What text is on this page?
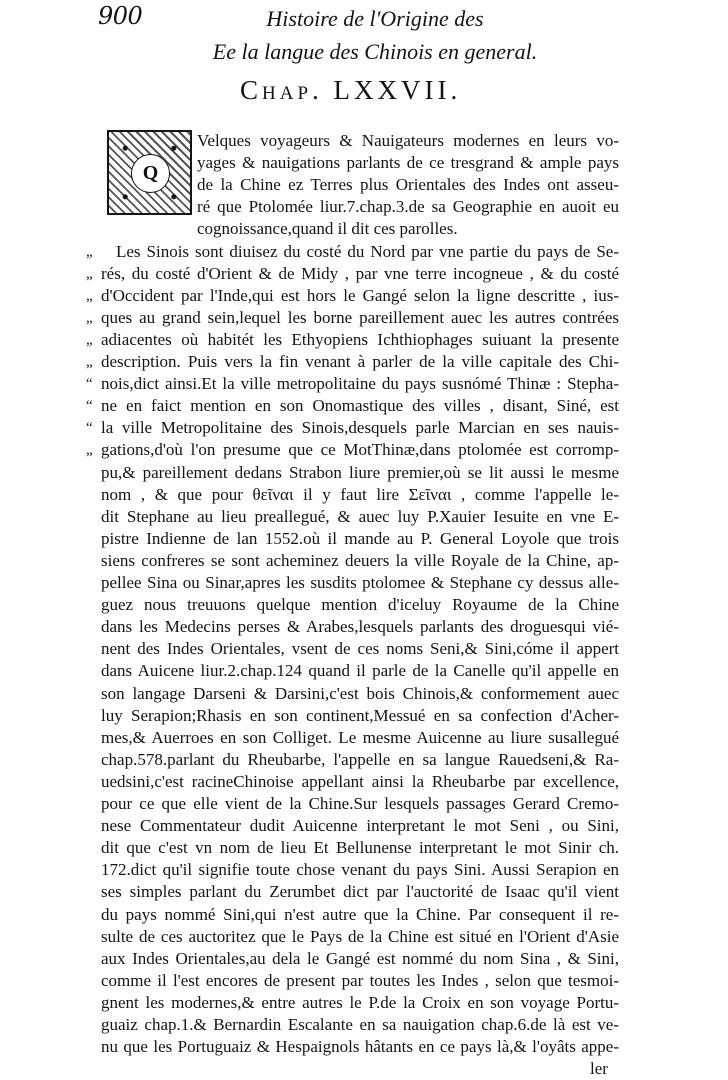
900	Histoire de l'Origine des
Ee la langue des Chinois en general.
Chap. LXXVII.
Q
Velques voyageurs & Nauigateurs modernes en leurs vo-
yages & nauigations parlants de ce tresgrand & ample pays
de la Chine ez Terres plus Orientales des Indes ont asseu-
ré que Ptolomée liur.7.chap.3.de sa Geographie en auoit eu
cognoissance,quand il dit ces parolles.
Les Sinois sont diuisez du costé du Nord par vne partie du pays de Se-
rés, du costé d'Orient & de Midy , par vne terre incogneue , & du costé
d'Occident par l'Inde,qui est hors le Gangé selon la ligne descritte , ius-
ques au grand sein,lequel les borne pareillement auec les autres contrées
adiacentes où habitét les Ethyopiens Ichthiophages suiuant la presente
description. Puis vers la fin venant à parler de la ville capitale des Chi-
nois,dict ainsi.Et la ville metropolitaine du pays susnómé Thinæ : Stepha-
ne en faict mention en son Onomastique des villes , disant, Siné, est
la ville Metropolitaine des Sinois,desquels parle Marcian en ses nauis-
gations,d'où l'on presume que ce MotThinæ,dans ptolomée est corromp-
pu,& pareillement dedans Strabon liure premier,où se lit aussi le mesme
nom , & que pour θεῖναι il y faut lire Σεῖναι , comme l'appelle le-
dit Stephane au lieu preallegué, & auec luy P.Xauier Iesuite en vne E-
pistre Indienne de lan 1552.où il mande au P. General Loyole que trois
siens confreres se sont acheminez deuers la ville Royale de la Chine, ap-
pellee Sina ou Sinar,apres les susdits ptolomee & Stephane cy dessus alle-
guez nous treuuons quelque mention d'iceluy Royaume de la Chine
dans les Medecins perses & Arabes,lesquels parlants des droguesqui vié-
nent des Indes Orientales, vsent de ces noms Seni,& Sini,cóme il appert
dans Auicene liur.2.chap.124 quand il parle de la Canelle qu'il appelle en
son langage Darseni & Darsini,c'est bois Chinois,& conformement auec
luy Serapion;Rhasis en son continent,Messué en sa confection d'Acher-
mes,& Auerroes en son Colliget. Le mesme Auicenne au liure susallegué
chap.578.parlant du Rheubarbe, l'appelle en sa langue Rauedseni,& Ra-
uedsini,c'est racineChinoise appellant ainsi la Rheubarbe par excellence,
pour ce que elle vient de la Chine.Sur lesquels passages Gerard Cremo-
nese Commentateur dudit Auicenne interpretant le mot Seni , ou Sini,
dit que c'est vn nom de lieu Et Bellunense interpretant le mot Sinir ch.
172.dict qu'il signifie toute chose venant du pays Sini. Aussi Serapion en
ses simples parlant du Zerumbet dict par l'auctorité de Isaac qu'il vient
du pays nommé Sini,qui n'est autre que la Chine. Par consequent il re-
sulte de ces auctoritez que le Pays de la Chine est situé en l'Orient d'Asie
aux Indes Orientales,au dela le Gangé est nommé du nom Sina , & Sini,
comme il l'est encores de present par toutes les Indes , selon que tesmoi-
gnent les modernes,& entre autres le P.de la Croix en son voyage Portu-
guaiz chap.1.& Bernardin Escalante en sa nauigation chap.6.de là est ve-
nu que les Portuguaiz & Hespaignols hâtants en ce pays là,& l'oyâts appe-
ler
„
„
„
„
„
„
“
“
“
„
